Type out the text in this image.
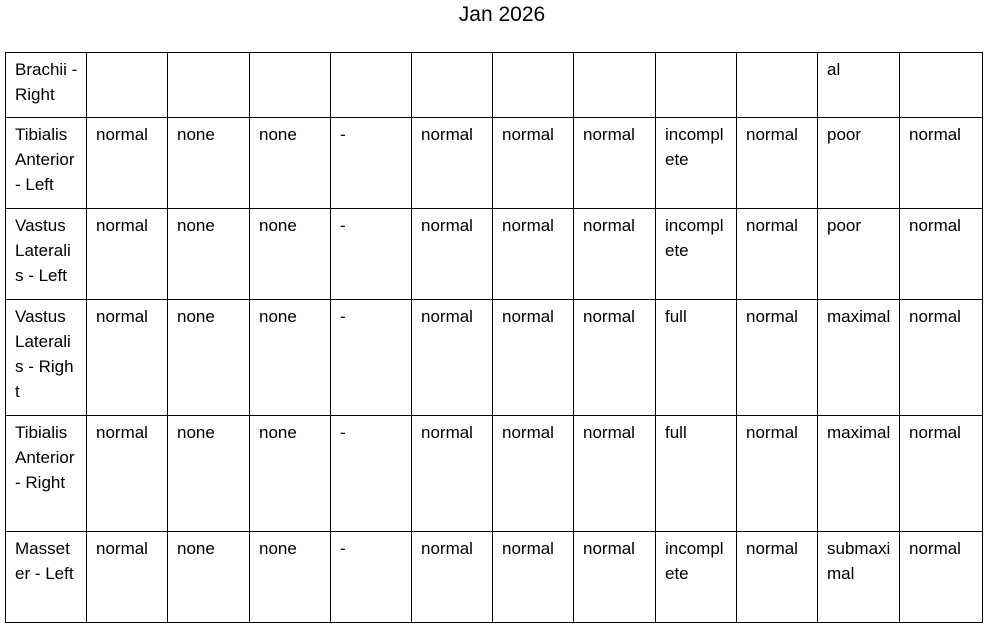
Jan 2026
Brachii - Right										al	
Tibialis Anterior - Left	normal	none	none	-	normal	normal	normal	incomplete	normal	poor	normal
Vastus Lateralis - Left	normal	none	none	-	normal	normal	normal	incomplete	normal	poor	normal
Vastus Lateralis - Right	normal	none	none	-	normal	normal	normal	full	normal	maximal	normal
Tibialis Anterior - Right	normal	none	none	-	normal	normal	normal	full	normal	maximal	normal
Masseter - Left	normal	none	none	-	normal	normal	normal	incomplete	normal	submaximal	normal
